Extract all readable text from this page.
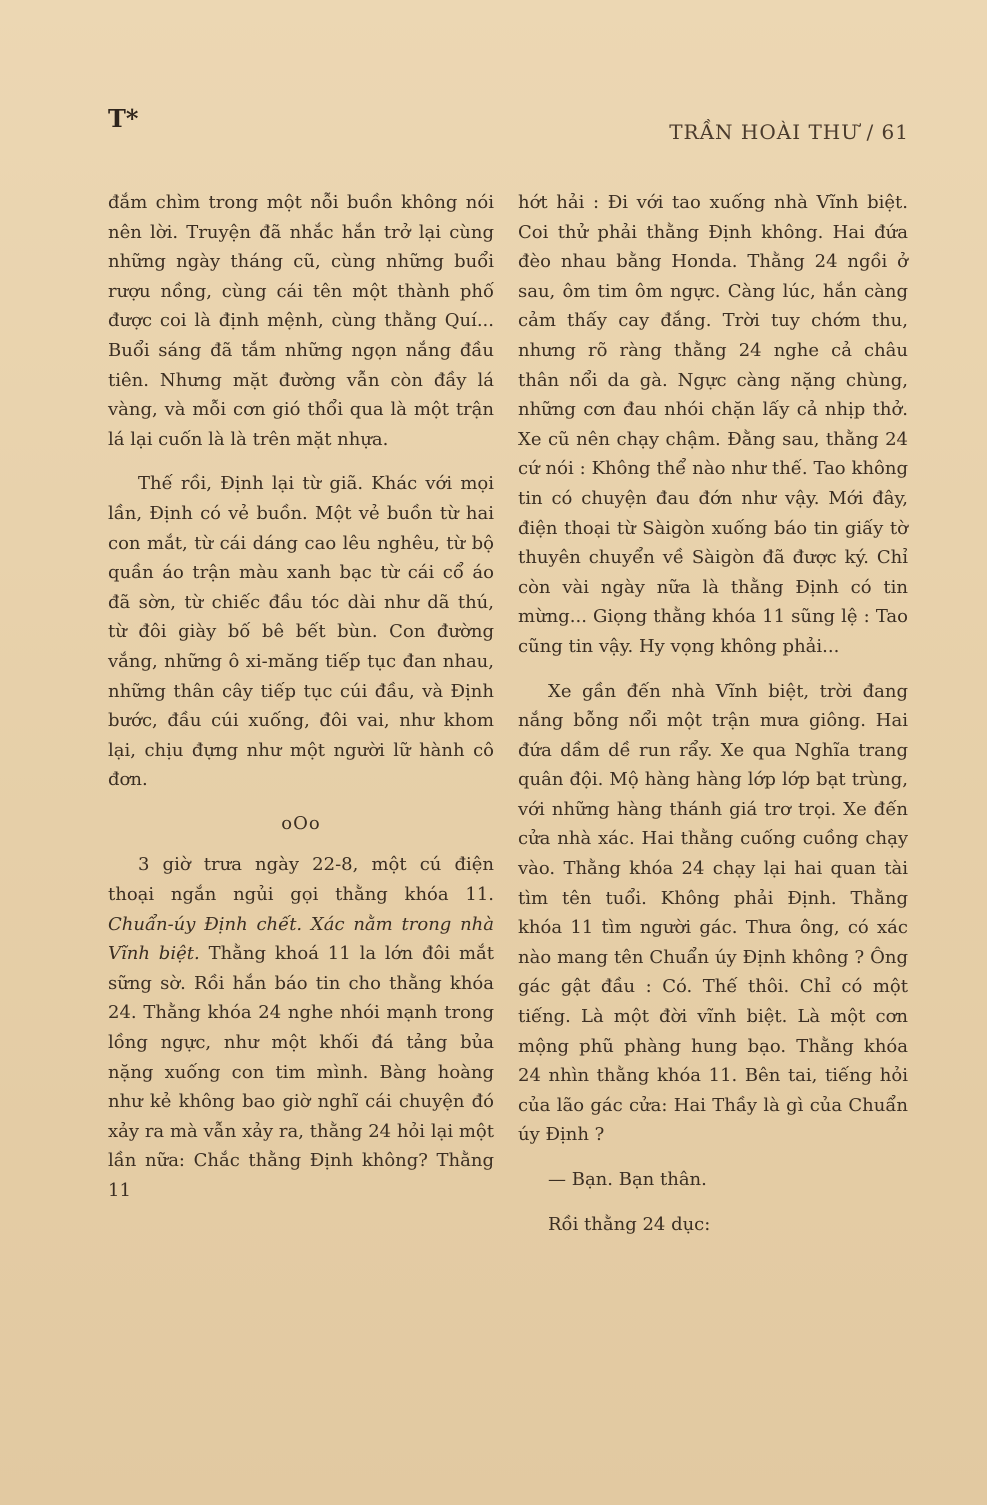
T*	TRẦN HOÀI THƯ / 61

đắm chìm trong một nỗi buồn không nói nên lời. Truyện đã nhắc hắn trở lại cùng những ngày tháng cũ, cùng những buổi rượu nồng, cùng cái tên một thành phố được coi là định mệnh, cùng thằng Quí... Buổi sáng đã tắm những ngọn nắng đầu tiên. Nhưng mặt đường vẫn còn đầy lá vàng, và mỗi cơn gió thổi qua là một trận lá lại cuốn là là trên mặt nhựa.

Thế rồi, Định lại từ giã. Khác với mọi lần, Định có vẻ buồn. Một vẻ buồn từ hai con mắt, từ cái dáng cao lêu nghêu, từ bộ quần áo trận màu xanh bạc từ cái cổ áo đã sờn, từ chiếc đầu tóc dài như dã thú, từ đôi giày bố bê bết bùn. Con đường vắng, những ô xi-măng tiếp tục đan nhau, những thân cây tiếp tục cúi đầu, và Định bước, đầu cúi xuống, đôi vai, như khom lại, chịu đựng như một người lữ hành cô đơn.

oOo

3 giờ trưa ngày 22-8, một cú điện thoại ngắn ngủi gọi thằng khóa 11. Chuẩn-úy Định chết. Xác nằm trong nhà Vĩnh biệt. Thằng khoá 11 la lớn đôi mắt sững sờ. Rồi hắn báo tin cho thằng khóa 24. Thằng khóa 24 nghe nhói mạnh trong lồng ngực, như một khối đá tảng bủa nặng xuống con tim mình. Bàng hoàng như kẻ không bao giờ nghĩ cái chuyện đó xảy ra mà vẫn xảy ra, thằng 24 hỏi lại một lần nữa: Chắc thằng Định không? Thằng 11

hớt hải : Đi với tao xuống nhà Vĩnh biệt. Coi thử phải thằng Định không. Hai đứa đèo nhau bằng Honda. Thằng 24 ngồi ở sau, ôm tim ôm ngực. Càng lúc, hắn càng cảm thấy cay đắng. Trời tuy chớm thu, nhưng rõ ràng thằng 24 nghe cả châu thân nổi da gà. Ngực càng nặng chùng, những cơn đau nhói chặn lấy cả nhịp thở. Xe cũ nên chạy chậm. Đằng sau, thằng 24 cứ nói : Không thể nào như thế. Tao không tin có chuyện đau đớn như vậy. Mới đây, điện thoại từ Sàigòn xuống báo tin giấy tờ thuyên chuyển về Sàigòn đã được ký. Chỉ còn vài ngày nữa là thằng Định có tin mừng... Giọng thằng khóa 11 sũng lệ : Tao cũng tin vậy. Hy vọng không phải...

Xe gần đến nhà Vĩnh biệt, trời đang nắng bỗng nổi một trận mưa giông. Hai đứa dầm dề run rẩy. Xe qua Nghĩa trang quân đội. Mộ hàng hàng lớp lớp bạt trùng, với những hàng thánh giá trơ trọi. Xe đến cửa nhà xác. Hai thằng cuống cuồng chạy vào. Thằng khóa 24 chạy lại hai quan tài tìm tên tuổi. Không phải Định. Thằng khóa 11 tìm người gác. Thưa ông, có xác nào mang tên Chuẩn úy Định không ? Ông gác gật đầu : Có. Thế thôi. Chỉ có một tiếng. Là một đời vĩnh biệt. Là một cơn mộng phũ phàng hung bạo. Thằng khóa 24 nhìn thằng khóa 11. Bên tai, tiếng hỏi của lão gác cửa: Hai Thầy là gì của Chuẩn úy Định ?

— Bạn. Bạn thân.

Rồi thằng 24 dục:
